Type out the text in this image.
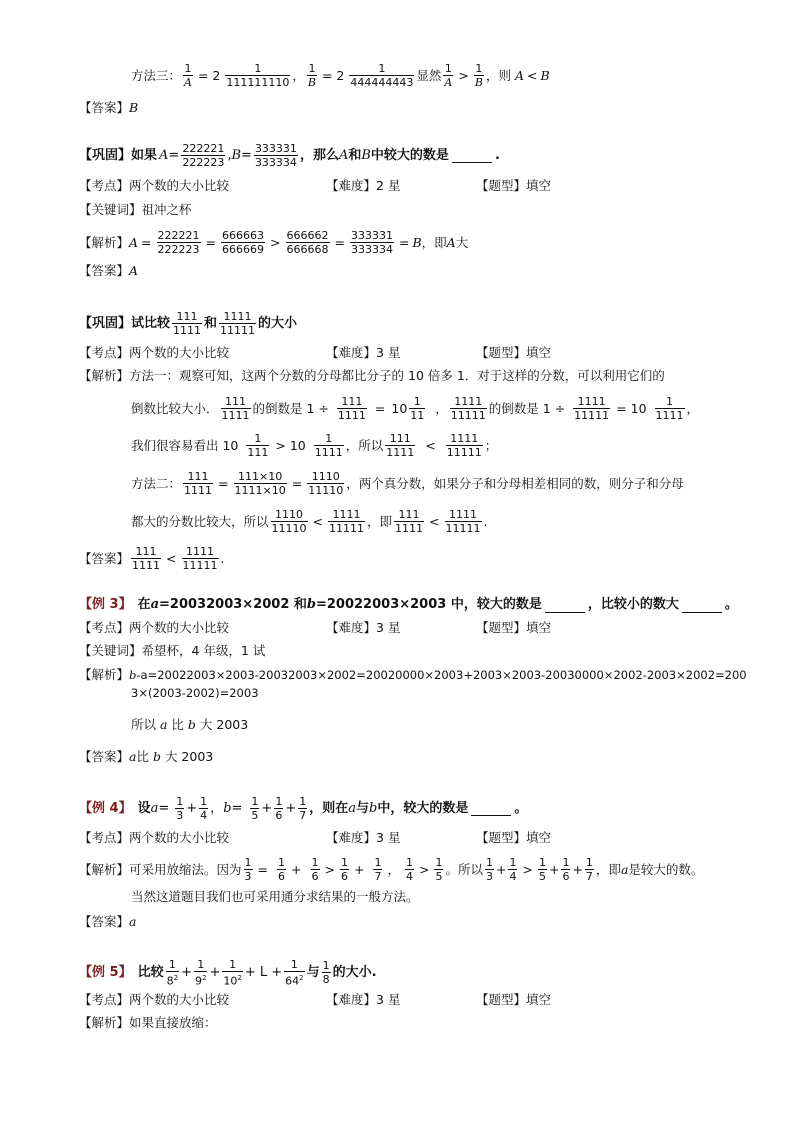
方法三： $\frac{1}{A} = 2 \frac{1}{111111110}$ ， $\frac{1}{B} = 2 \frac{1}{444444443}$ 显然 $\frac{1}{A} > \frac{1}{B}$ ，则 A < B
【答案】 B
【巩固】 如果 $A = \frac{222221}{222223}$ , $B = \frac{333331}{333334}$ ，那么 A 和 B 中较大的数是	.
【考点】两个数的大小比较	【难度】2 星	【题型】填空
【关键词】 祖冲之杯
【解析】 $A = \frac{222221}{222223} = \frac{666663}{666669} > \frac{666662}{666668} = \frac{333331}{333334} = B$ ，即 A 大
【答案】 A
【巩固】 试比较 $\frac{111}{1111}$ 和 $\frac{1111}{11111}$ 的大小
【考点】两个数的大小比较	【难度】3 星	【题型】填空
【解析】方法一：观察可知，这两个分数的分母都比分子的 10 倍多 1．对于这样的分数，可以利用它们的
倒数比较大小． $\frac{111}{1111}$ 的倒数是 $1 \div \frac{111}{1111} = 10 \frac{1}{11}$ ， $\frac{1111}{11111}$ 的倒数是 $1 \div \frac{1111}{11111} = 10 \frac{1}{1111}$ ，
我们很容易看出 $10 \frac{1}{111} > 10 \frac{1}{1111}$ ，所以 $\frac{111}{1111} < \frac{1111}{11111}$ ；
方法二： $\frac{111}{1111} = \frac{111\times 10}{1111\times 10} = \frac{1110}{11110}$ ，两个真分数，如果分子和分母相差相同的数，则分子和分母
都大的分数比较大，所以 $\frac{1110}{11110} < \frac{1111}{11111}$ ，即 $\frac{111}{1111} < \frac{1111}{11111}$ .
【答案】 $\frac{111}{1111} < \frac{1111}{11111}$ .
【例 3】 在 a =20032003×2002 和 b =20022003×2003 中，较大的数是	，比较小的数大	。
【考点】两个数的大小比较	【难度】3 星	【题型】填空
【关键词】 希望杯，4 年级，1 试
【解析】 b -a=20022003×2003-20032003×2002=20020000×2003+2003×2003-20030000×2002-2003×2002=200
3×(2003-2002)=2003
所以 a 比 b 大 2003
【答案】a比 b 大 2003
【例 4】 设 $a = \frac{1}{3} + \frac{1}{4}$ ， $b = \frac{1}{5} + \frac{1}{6} + \frac{1}{7}$ ，则在 a 与 b 中，较大的数是	。
【考点】两个数的大小比较	【难度】3 星	【题型】填空
【解析】 可采用放缩法。因为 $\frac{1}{3} = \frac{1}{6} + \frac{1}{6} > \frac{1}{6} + \frac{1}{7}$ ， $\frac{1}{4} > \frac{1}{5}$ 。所以 $\frac{1}{3} + \frac{1}{4} > \frac{1}{5} + \frac{1}{6} + \frac{1}{7}$ ，即 a 是较大的数。
当然这道题目我们也可采用通分求结果的一般方法。
【答案】a
【例 5】 比较 $\frac{1}{8^2} + \frac{1}{9^2} + \frac{1}{10^2} + L + \frac{1}{64^2}$ 与 $\frac{1}{8}$ 的大小.
【考点】两个数的大小比较	【难度】3 星	【题型】填空
【解析】如果直接放缩：
